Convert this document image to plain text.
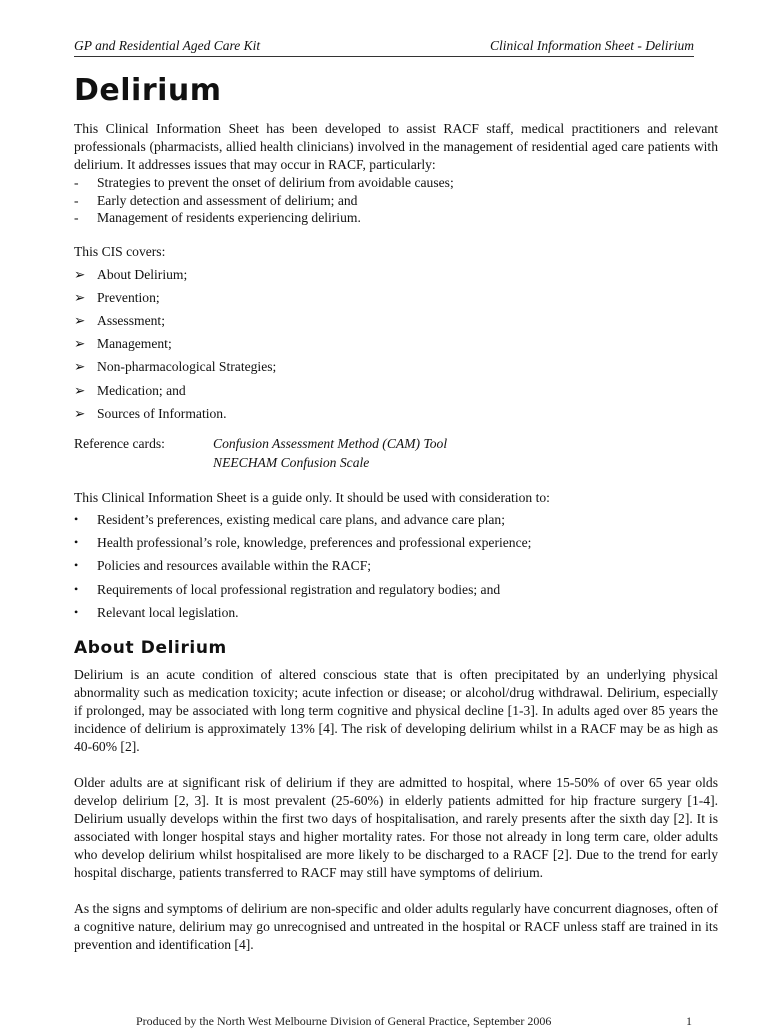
GP and Residential Aged Care Kit	Clinical Information Sheet - Delirium
Delirium

This Clinical Information Sheet has been developed to assist RACF staff, medical practitioners and relevant professionals (pharmacists, allied health clinicians) involved in the management of residential aged care patients with delirium. It addresses issues that may occur in RACF, particularly:

- Strategies to prevent the onset of delirium from avoidable causes;
- Early detection and assessment of delirium; and
- Management of residents experiencing delirium.

This CIS covers:

➢ About Delirium;
➢ Prevention;
➢ Assessment;
➢ Management;
➢ Non-pharmacological Strategies;
➢ Medication; and
➢ Sources of Information.
Reference cards:	Confusion Assessment Method (CAM) Tool
NEECHAM Confusion Scale

This Clinical Information Sheet is a guide only. It should be used with consideration to:

• Resident’s preferences, existing medical care plans, and advance care plan;
• Health professional’s role, knowledge, preferences and professional experience;
• Policies and resources available within the RACF;
• Requirements of local professional registration and regulatory bodies; and
• Relevant local legislation.
About Delirium

Delirium is an acute condition of altered conscious state that is often precipitated by an underlying physical abnormality such as medication toxicity; acute infection or disease; or alcohol/drug withdrawal. Delirium, especially if prolonged, may be associated with long term cognitive and physical decline [1-3]. In adults aged over 85 years the incidence of delirium is approximately 13% [4]. The risk of developing delirium whilst in a RACF may be as high as 40-60% [2].

Older adults are at significant risk of delirium if they are admitted to hospital, where 15-50% of over 65 year olds develop delirium [2, 3]. It is most prevalent (25-60%) in elderly patients admitted for hip fracture surgery [1-4]. Delirium usually develops within the first two days of hospitalisation, and rarely presents after the sixth day [2]. It is associated with longer hospital stays and higher mortality rates. For those not already in long term care, older adults who develop delirium whilst hospitalised are more likely to be discharged to a RACF [2]. Due to the trend for early hospital discharge, patients transferred to RACF may still have symptoms of delirium.

As the signs and symptoms of delirium are non-specific and older adults regularly have concurrent diagnoses, often of a cognitive nature, delirium may go unrecognised and untreated in the hospital or RACF unless staff are trained in its prevention and identification [4].

Produced by the North West Melbourne Division of General Practice, September 2006	1
